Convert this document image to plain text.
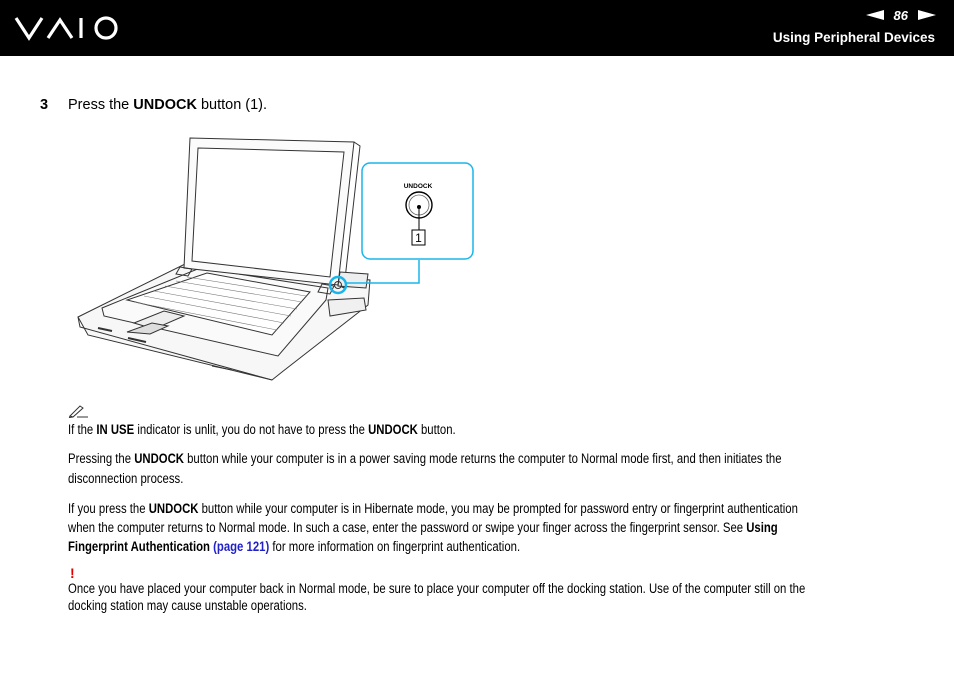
86
Using Peripheral Devices
3 Press the UNDOCK button (1).
UNDOCK
1
If the IN USE indicator is unlit, you do not have to press the UNDOCK button.
Pressing the UNDOCK button while your computer is in a power saving mode returns the computer to Normal mode first, and then initiates the
disconnection process.
If you press the UNDOCK button while your computer is in Hibernate mode, you may be prompted for password entry or fingerprint authentication
when the computer returns to Normal mode. In such a case, enter the password or swipe your finger across the fingerprint sensor. See Using
Fingerprint Authentication (page 121) for more information on fingerprint authentication.
!
Once you have placed your computer back in Normal mode, be sure to place your computer off the docking station. Use of the computer still on the
docking station may cause unstable operations.
